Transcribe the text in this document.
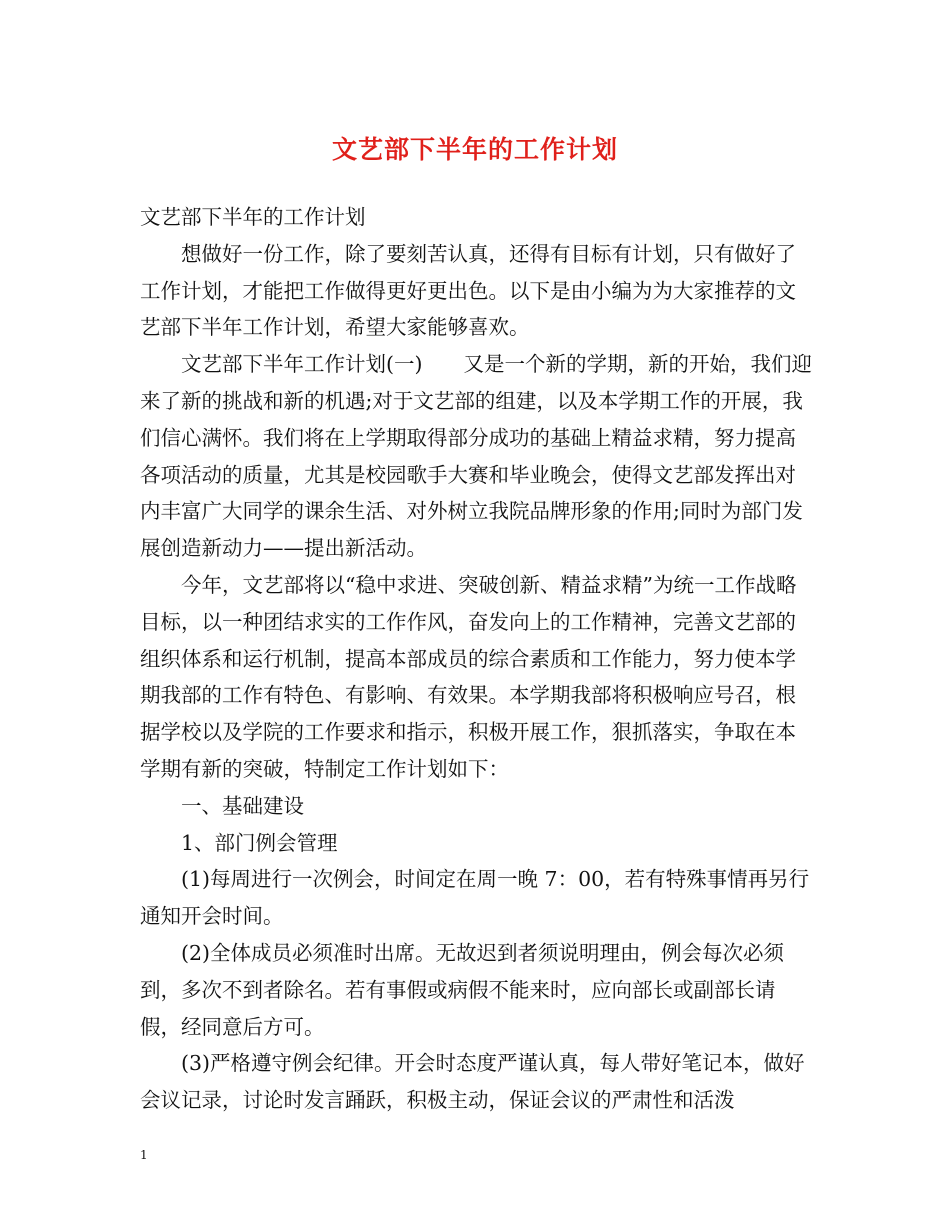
文艺部下半年的工作计划

文艺部下半年的工作计划

想做好一份工作，除了要刻苦认真，还得有目标有计划，只有做好了工作计划，才能把工作做得更好更出色。以下是由小编为为大家推荐的文艺部下半年工作计划，希望大家能够喜欢。

文艺部下半年工作计划(一)　　又是一个新的学期，新的开始，我们迎来了新的挑战和新的机遇;对于文艺部的组建，以及本学期工作的开展，我们信心满怀。我们将在上学期取得部分成功的基础上精益求精，努力提高各项活动的质量，尤其是校园歌手大赛和毕业晚会，使得文艺部发挥出对内丰富广大同学的课余生活、对外树立我院品牌形象的作用;同时为部门发展创造新动力——提出新活动。

今年，文艺部将以“稳中求进、突破创新、精益求精”为统一工作战略目标，以一种团结求实的工作作风，奋发向上的工作精神，完善文艺部的组织体系和运行机制，提高本部成员的综合素质和工作能力，努力使本学期我部的工作有特色、有影响、有效果。本学期我部将积极响应号召，根据学校以及学院的工作要求和指示，积极开展工作，狠抓落实，争取在本学期有新的突破，特制定工作计划如下：

一、基础建设

1、部门例会管理

(1)每周进行一次例会，时间定在周一晚 7：00，若有特殊事情再另行通知开会时间。

(2)全体成员必须准时出席。无故迟到者须说明理由，例会每次必须到，多次不到者除名。若有事假或病假不能来时，应向部长或副部长请假，经同意后方可。

(3)严格遵守例会纪律。开会时态度严谨认真，每人带好笔记本，做好会议记录，讨论时发言踊跃，积极主动，保证会议的严肃性和活泼

1
